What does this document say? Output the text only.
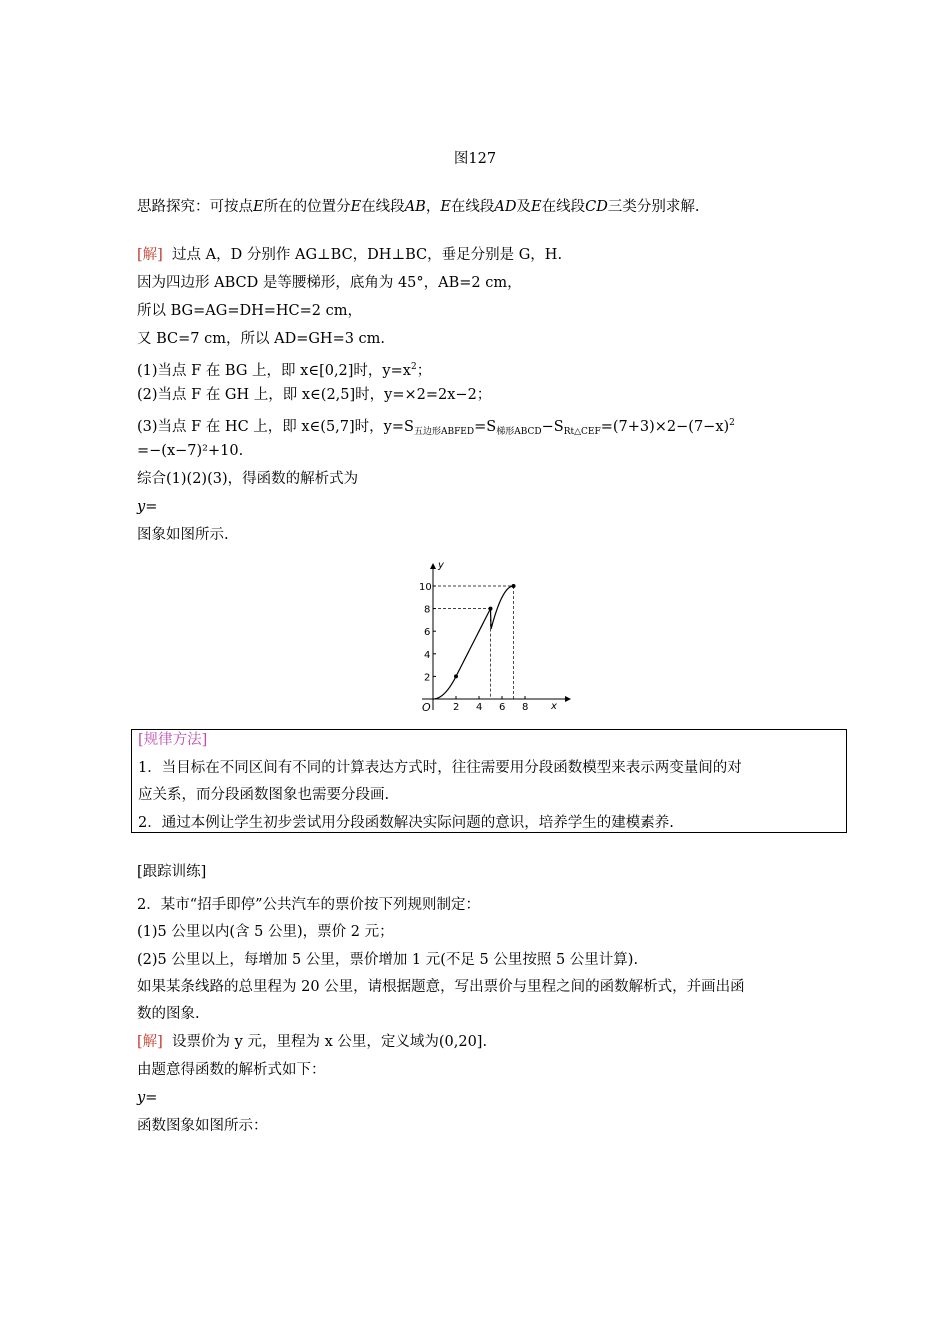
图127
思路探究：可按点E所在的位置分E在线段AB，E在线段AD及E在线段CD三类分别求解.
[解] 过点 A，D 分别作 AG⊥BC，DH⊥BC，垂足分别是 G，H.
因为四边形 ABCD 是等腰梯形，底角为 45°，AB=2 cm，
所以 BG=AG=DH=HC=2 cm，
又 BC=7 cm，所以 AD=GH=3 cm.
(1)当点 F 在 BG 上，即 x∈[0,2]时，$y=x^2$；
(2)当点 F 在 GH 上，即 x∈(2,5]时，y=×2=2x−2；
(3)当点 F 在 HC 上，即 x∈(5,7]时，$y=S_{五边形ABFED}=S_{梯形ABCD}-S_{Rt\triangle CEF}=(7+3)\times 2-(7-x)^2$
=−(x−7)²+10.
综合(1)(2)(3)，得函数的解析式为
y=
图象如图所示.
y
x
O 2 4 6 8
2
4
6
8
10
[规律方法]
1．当目标在不同区间有不同的计算表达方式时，往往需要用分段函数模型来表示两变量间的对
应关系，而分段函数图象也需要分段画.
2．通过本例让学生初步尝试用分段函数解决实际问题的意识，培养学生的建模素养.
[跟踪训练]
2．某市“招手即停”公共汽车的票价按下列规则制定：
(1)5 公里以内(含 5 公里)，票价 2 元；
(2)5 公里以上，每增加 5 公里，票价增加 1 元(不足 5 公里按照 5 公里计算).
如果某条线路的总里程为 20 公里，请根据题意，写出票价与里程之间的函数解析式，并画出函
数的图象.
[解] 设票价为 y 元，里程为 x 公里，定义域为(0,20].
由题意得函数的解析式如下：
y=
函数图象如图所示：
